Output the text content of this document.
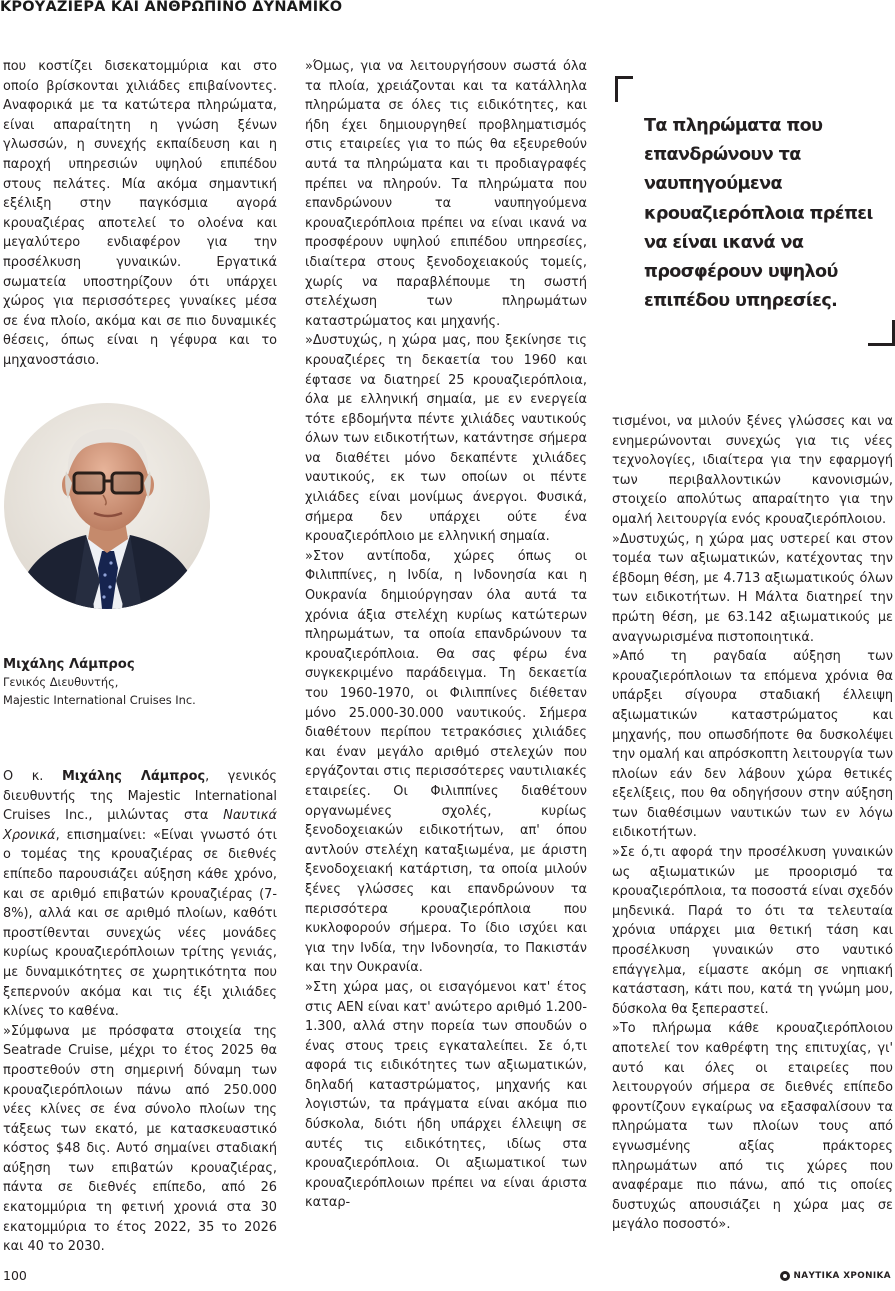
ΚΡΟΥΑΖΙΕΡΑ ΚΑΙ ΑΝΘΡΩΠΙΝΟ ΔΥΝΑΜΙΚΟ

που κοστίζει δισεκατομμύρια και στο οποίο βρίσκονται χιλιάδες επιβαίνοντες. Αναφορικά με τα κατώτερα πληρώματα, είναι απαραίτητη η γνώση ξένων γλωσσών, η συνεχής εκπαίδευση και η παροχή υπηρεσιών υψηλού επιπέδου στους πελάτες. Μία ακόμα σημαντική εξέλιξη στην παγκόσμια αγορά κρουαζιέρας αποτελεί το ολοένα και μεγαλύτερο ενδιαφέρον για την προσέλκυση γυναικών. Εργατικά σωματεία υποστηρίζουν ότι υπάρχει χώρος για περισσότερες γυναίκες μέσα σε ένα πλοίο, ακόμα και σε πιο δυναμικές θέσεις, όπως είναι η γέφυρα και το μηχανοστάσιο.

Μιχάλης Λάμπρος
Γενικός Διευθυντής,
Majestic International Cruises Inc.

Ο κ. Μιχάλης Λάμπρος, γενικός διευθυντής της Majestic International Cruises Inc., μιλώντας στα Ναυτικά Χρονικά, επισημαίνει: «Είναι γνωστό ότι ο τομέας της κρουαζιέρας σε διεθνές επίπεδο παρουσιάζει αύξηση κάθε χρόνο, και σε αριθμό επιβατών κρουαζιέρας (7-8%), αλλά και σε αριθμό πλοίων, καθότι προστίθενται συνεχώς νέες μονάδες κυρίως κρουαζιερόπλοιων τρίτης γενιάς, με δυναμικότητες σε χωρητικότητα που ξεπερνούν ακόμα και τις έξι χιλιάδες κλίνες το καθένα.

»Σύμφωνα με πρόσφατα στοιχεία της Seatrade Cruise, μέχρι το έτος 2025 θα προστεθούν στη σημερινή δύναμη των κρουαζιερόπλοιων πάνω από 250.000 νέες κλίνες σε ένα σύνολο πλοίων της τάξεως των εκατό, με κατασκευαστικό κόστος $48 δις. Αυτό σημαίνει σταδιακή αύξηση των επιβατών κρουαζιέρας, πάντα σε διεθνές επίπεδο, από 26 εκατομμύρια τη φετινή χρονιά στα 30 εκατομμύρια το έτος 2022, 35 το 2026 και 40 το 2030.

»Όμως, για να λειτουργήσουν σωστά όλα τα πλοία, χρειάζονται και τα κατάλληλα πληρώματα σε όλες τις ειδικότητες, και ήδη έχει δημιουργηθεί προβληματισμός στις εταιρείες για το πώς θα εξευρεθούν αυτά τα πληρώματα και τι προδιαγραφές πρέπει να πληρούν. Τα πληρώματα που επανδρώνουν τα ναυπηγούμενα κρουαζιερόπλοια πρέπει να είναι ικανά να προσφέρουν υψηλού επιπέδου υπηρεσίες, ιδιαίτερα στους ξενοδοχειακούς τομείς, χωρίς να παραβλέπουμε τη σωστή στελέχωση των πληρωμάτων καταστρώματος και μηχανής.

»Δυστυχώς, η χώρα μας, που ξεκίνησε τις κρουαζιέρες τη δεκαετία του 1960 και έφτασε να διατηρεί 25 κρουαζιερόπλοια, όλα με ελληνική σημαία, με εν ενεργεία τότε εβδομήντα πέντε χιλιάδες ναυτικούς όλων των ειδικοτήτων, κατάντησε σήμερα να διαθέτει μόνο δεκαπέντε χιλιάδες ναυτικούς, εκ των οποίων οι πέντε χιλιάδες είναι μονίμως άνεργοι. Φυσικά, σήμερα δεν υπάρχει ούτε ένα κρουαζιερόπλοιο με ελληνική σημαία.

»Στον αντίποδα, χώρες όπως οι Φιλιππίνες, η Ινδία, η Ινδονησία και η Ουκρανία δημιούργησαν όλα αυτά τα χρόνια άξια στελέχη κυρίως κατώτερων πληρωμάτων, τα οποία επανδρώνουν τα κρουαζιερόπλοια. Θα σας φέρω ένα συγκεκριμένο παράδειγμα. Τη δεκαετία του 1960-1970, οι Φιλιππίνες διέθεταν μόνο 25.000-30.000 ναυτικούς. Σήμερα διαθέτουν περίπου τετρακόσιες χιλιάδες και έναν μεγάλο αριθμό στελεχών που εργάζονται στις περισσότερες ναυτιλιακές εταιρείες. Οι Φιλιππίνες διαθέτουν οργανωμένες σχολές, κυρίως ξενοδοχειακών ειδικοτήτων, απ' όπου αντλούν στελέχη καταξιωμένα, με άριστη ξενοδοχειακή κατάρτιση, τα οποία μιλούν ξένες γλώσσες και επανδρώνουν τα περισσότερα κρουαζιερόπλοια που κυκλοφορούν σήμερα. Το ίδιο ισχύει και για την Ινδία, την Ινδονησία, το Πακιστάν και την Ουκρανία.

»Στη χώρα μας, οι εισαγόμενοι κατ' έτος στις ΑΕΝ είναι κατ' ανώτερο αριθμό 1.200-1.300, αλλά στην πορεία των σπουδών ο ένας στους τρεις εγκαταλείπει. Σε ό,τι αφορά τις ειδικότητες των αξιωματικών, δηλαδή καταστρώματος, μηχανής και λογιστών, τα πράγματα είναι ακόμα πιο δύσκολα, διότι ήδη υπάρχει έλλειψη σε αυτές τις ειδικότητες, ιδίως στα κρουαζιερόπλοια. Οι αξιωματικοί των κρουαζιερόπλοιων πρέπει να είναι άριστα καταρ-

Τα πληρώματα που επανδρώνουν τα ναυπηγούμενα κρουαζιερόπλοια πρέπει να είναι ικανά να προσφέρουν υψηλού επιπέδου υπηρεσίες.

τισμένοι, να μιλούν ξένες γλώσσες και να ενημερώνονται συνεχώς για τις νέες τεχνολογίες, ιδιαίτερα για την εφαρμογή των περιβαλλοντικών κανονισμών, στοιχείο απολύτως απαραίτητο για την ομαλή λειτουργία ενός κρουαζιερόπλοιου.

»Δυστυχώς, η χώρα μας υστερεί και στον τομέα των αξιωματικών, κατέχοντας την έβδομη θέση, με 4.713 αξιωματικούς όλων των ειδικοτήτων. Η Μάλτα διατηρεί την πρώτη θέση, με 63.142 αξιωματικούς με αναγνωρισμένα πιστοποιητικά.

»Από τη ραγδαία αύξηση των κρουαζιερόπλοιων τα επόμενα χρόνια θα υπάρξει σίγουρα σταδιακή έλλειψη αξιωματικών καταστρώματος και μηχανής, που οπωσδήποτε θα δυσκολέψει την ομαλή και απρόσκοπτη λειτουργία των πλοίων εάν δεν λάβουν χώρα θετικές εξελίξεις, που θα οδηγήσουν στην αύξηση των διαθέσιμων ναυτικών των εν λόγω ειδικοτήτων.

»Σε ό,τι αφορά την προσέλκυση γυναικών ως αξιωματικών με προορισμό τα κρουαζιερόπλοια, τα ποσοστά είναι σχεδόν μηδενικά. Παρά το ότι τα τελευταία χρόνια υπάρχει μια θετική τάση και προσέλκυση γυναικών στο ναυτικό επάγγελμα, είμαστε ακόμη σε νηπιακή κατάσταση, κάτι που, κατά τη γνώμη μου, δύσκολα θα ξεπεραστεί.

»Το πλήρωμα κάθε κρουαζιερόπλοιου αποτελεί τον καθρέφτη της επιτυχίας, γι' αυτό και όλες οι εταιρείες που λειτουργούν σήμερα σε διεθνές επίπεδο φροντίζουν εγκαίρως να εξασφαλίσουν τα πληρώματα των πλοίων τους από εγνωσμένης αξίας πράκτορες πληρωμάτων από τις χώρες που αναφέραμε πιο πάνω, από τις οποίες δυστυχώς απουσιάζει η χώρα μας σε μεγάλο ποσοστό».

100	ΝΑΥΤΙΚΑ ΧΡΟΝΙΚΑ
